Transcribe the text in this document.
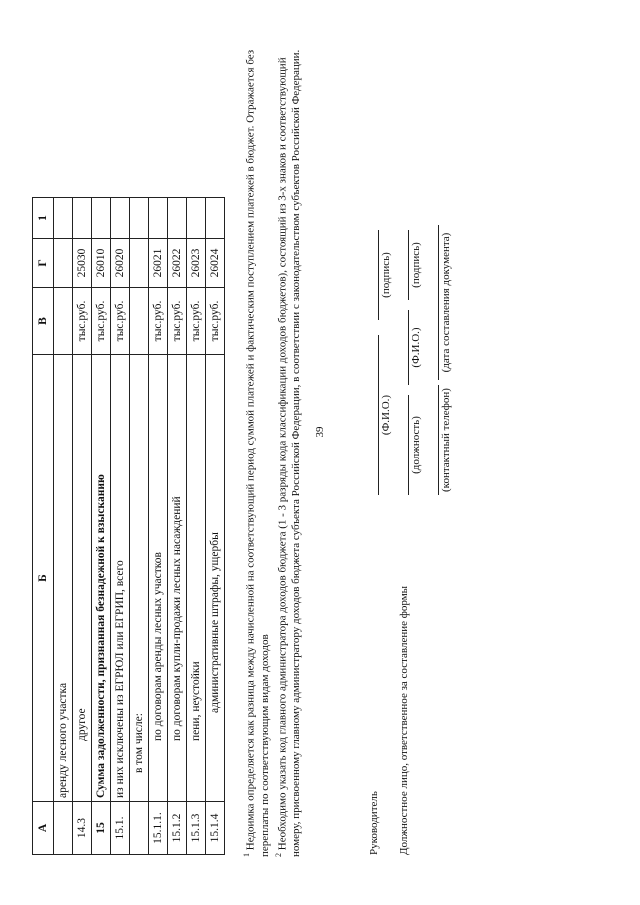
39
А	Б	В	Г	1
	аренду лесного участка			
14.3	другое	тыс.руб.	25030	
15	Сумма задолженности, признанная безнадежной к взысканию	тыс.руб.	26010	
15.1.	из них исключены из ЕГРЮЛ или ЕГРИП, всего	тыс.руб.	26020	
	в том числе:			
15.1.1.	по договорам аренды лесных участков	тыс.руб.	26021	
15.1.2	по договорам купли-продажи лесных насаждений	тыс.руб.	26022	
15.1.3	пени, неустойки	тыс.руб.	26023	
15.1.4	административные штрафы, ущербы	тыс.руб.	26024	

$^1$ Недоимка определяется как разница между начисленной на соответствующий период суммой платежей и фактическим поступлением платежей в бюджет. Отражается без переплаты по соответствующим видам доходов $^2$ Необходимо указать код главного администратора доходов бюджета (1 - 3 разряды кода классификации доходов бюджетов), состоящий из 3-х знаков и соответствующий номеру, присвоенному главному администратору доходов бюджета субъекта Российской Федерации, в соответствии с законодательством субъектов Российской Федерации.	Руководитель
(Ф.И.О.)
(подпись)
Должностное лицо, ответственное за составление формы
(должность)
(Ф.И.О.)
(подпись)
(контактный телефон)
(дата составления документа)
